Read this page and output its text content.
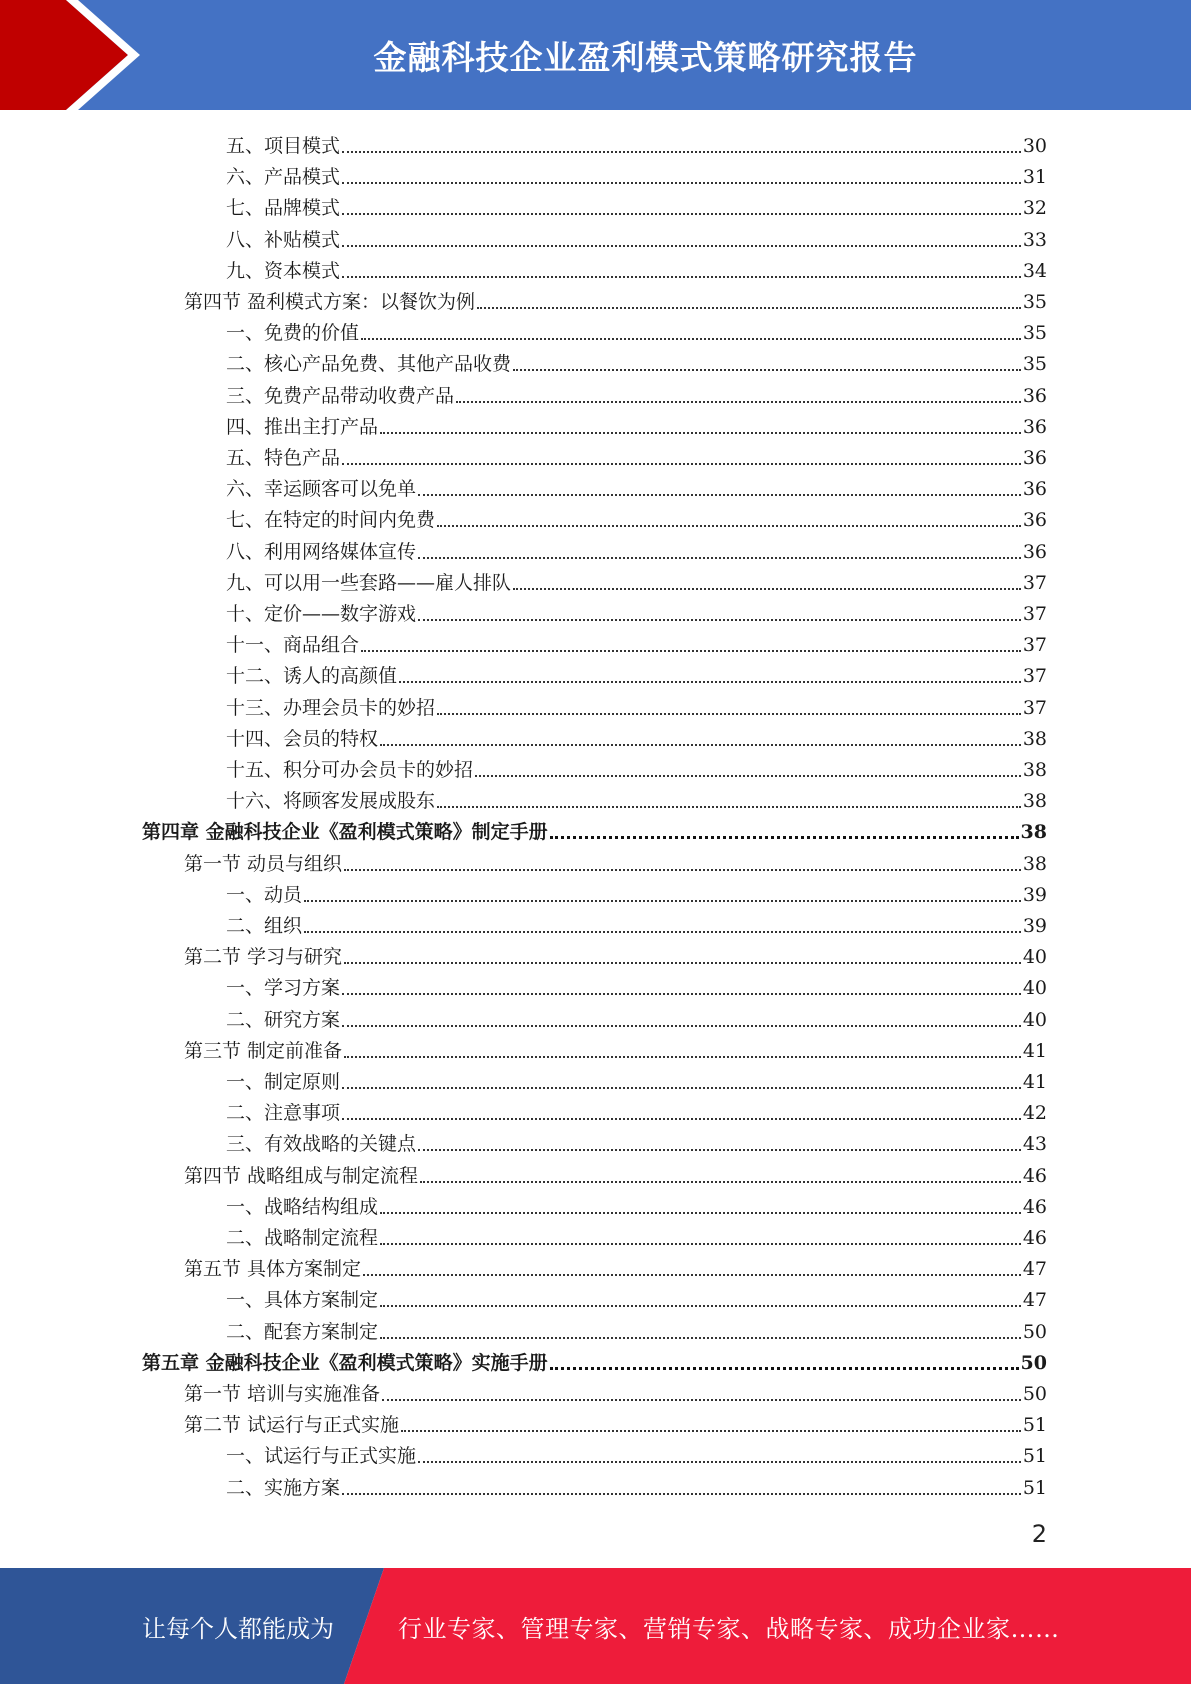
金融科技企业盈利模式策略研究报告
五、项目模式	30
六、产品模式	31
七、品牌模式	32
八、补贴模式	33
九、资本模式	34
第四节 盈利模式方案：以餐饮为例	35
一、免费的价值	35
二、核心产品免费、其他产品收费	35
三、免费产品带动收费产品	36
四、推出主打产品	36
五、特色产品	36
六、幸运顾客可以免单	36
七、在特定的时间内免费	36
八、利用网络媒体宣传	36
九、可以用一些套路——雇人排队	37
十、定价——数字游戏	37
十一、商品组合	37
十二、诱人的高颜值	37
十三、办理会员卡的妙招	37
十四、会员的特权	38
十五、积分可办会员卡的妙招	38
十六、将顾客发展成股东	38
第四章 金融科技企业《盈利模式策略》制定手册	38
第一节 动员与组织	38
一、动员	39
二、组织	39
第二节 学习与研究	40
一、学习方案	40
二、研究方案	40
第三节 制定前准备	41
一、制定原则	41
二、注意事项	42
三、有效战略的关键点	43
第四节 战略组成与制定流程	46
一、战略结构组成	46
二、战略制定流程	46
第五节 具体方案制定	47
一、具体方案制定	47
二、配套方案制定	50
第五章 金融科技企业《盈利模式策略》实施手册	50
第一节 培训与实施准备	50
第二节 试运行与正式实施	51
一、试运行与正式实施	51
二、实施方案	51
2
让每个人都能成为	行业专家、管理专家、营销专家、战略专家、成功企业家……
